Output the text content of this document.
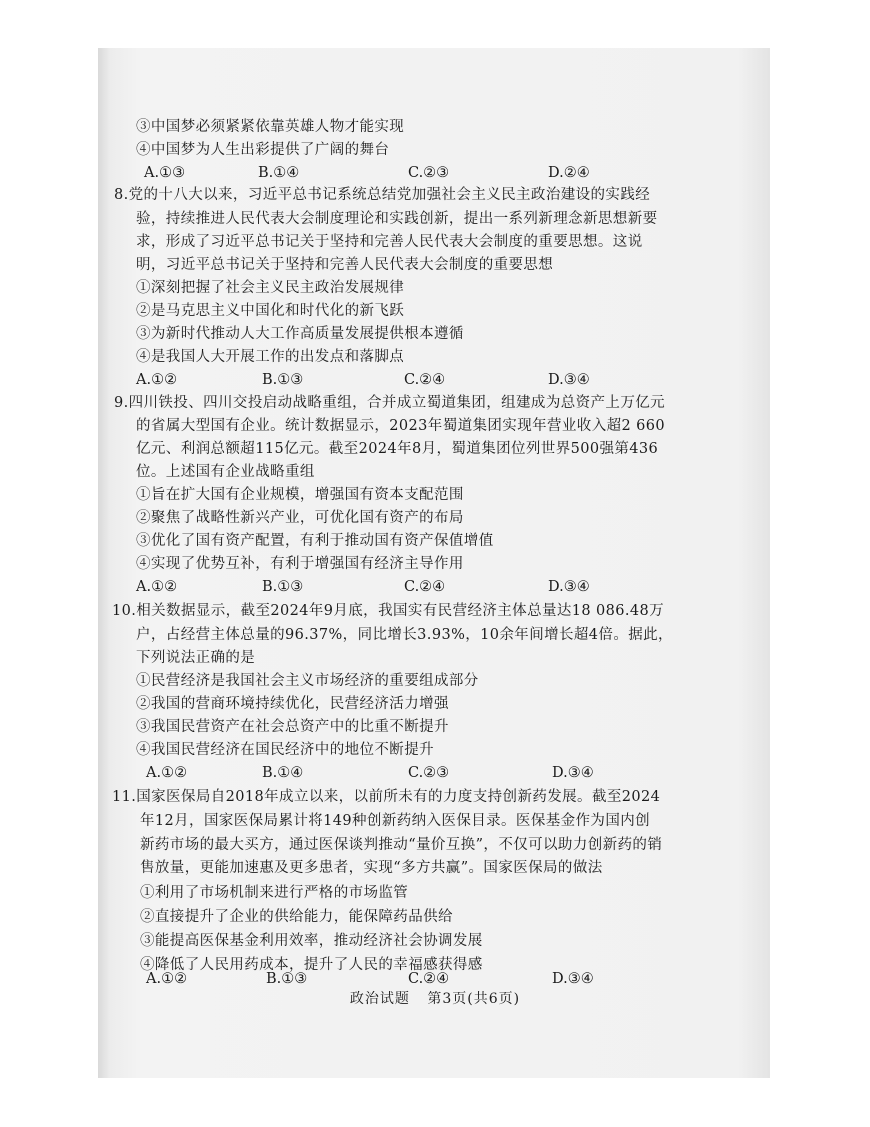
③中国梦必须紧紧依靠英雄人物才能实现
④中国梦为人生出彩提供了广阔的舞台
A.①③	B.①④	C.②③	D.②④
8.党的十八大以来，习近平总书记系统总结党加强社会主义民主政治建设的实践经
验，持续推进人民代表大会制度理论和实践创新，提出一系列新理念新思想新要
求，形成了习近平总书记关于坚持和完善人民代表大会制度的重要思想。这说
明，习近平总书记关于坚持和完善人民代表大会制度的重要思想
①深刻把握了社会主义民主政治发展规律
②是马克思主义中国化和时代化的新飞跃
③为新时代推动人大工作高质量发展提供根本遵循
④是我国人大开展工作的出发点和落脚点
A.①②	B.①③	C.②④	D.③④
9.四川铁投、四川交投启动战略重组，合并成立蜀道集团，组建成为总资产上万亿元
的省属大型国有企业。统计数据显示，2023年蜀道集团实现年营业收入超2 660
亿元、利润总额超115亿元。截至2024年8月，蜀道集团位列世界500强第436
位。上述国有企业战略重组
①旨在扩大国有企业规模，增强国有资本支配范围
②聚焦了战略性新兴产业，可优化国有资产的布局
③优化了国有资产配置，有利于推动国有资产保值增值
④实现了优势互补，有利于增强国有经济主导作用
A.①②	B.①③	C.②④	D.③④
10.相关数据显示，截至2024年9月底，我国实有民营经济主体总量达18 086.48万
户，占经营主体总量的96.37%，同比增长3.93%，10余年间增长超4倍。据此，
下列说法正确的是
①民营经济是我国社会主义市场经济的重要组成部分
②我国的营商环境持续优化，民营经济活力增强
③我国民营资产在社会总资产中的比重不断提升
④我国民营经济在国民经济中的地位不断提升
A.①②	B.①④	C.②③	D.③④
11.国家医保局自2018年成立以来，以前所未有的力度支持创新药发展。截至2024
年12月，国家医保局累计将149种创新药纳入医保目录。医保基金作为国内创
新药市场的最大买方，通过医保谈判推动“量价互换”，不仅可以助力创新药的销
售放量，更能加速惠及更多患者，实现“多方共赢”。国家医保局的做法
①利用了市场机制来进行严格的市场监管
②直接提升了企业的供给能力，能保障药品供给
③能提高医保基金利用效率，推动经济社会协调发展
④降低了人民用药成本，提升了人民的幸福感获得感
A.①②	B.①③	C.②④	D.③④
政治试题 第3页(共6页)
